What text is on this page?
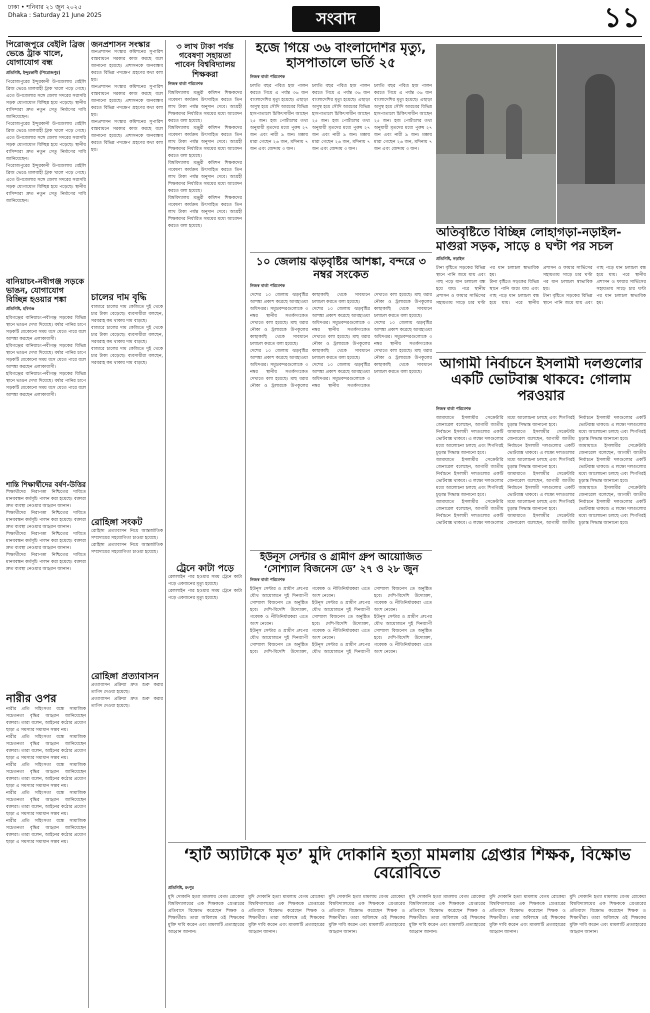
ঢাকা • শনিবার ২১ জুন ২০২৫
Dhaka : Saturday 21 June 2025	সংবাদ	১১

পিরোজপুরে বেইলি ব্রিজ ভেঙে ট্রাক খালে, যোগাযোগ বন্ধ

প্রতিনিধি, ইন্দুরকানী (পিরোজপুর)

পিরোজপুরের ইন্দুরকানী উপজেলায় বেইলি ব্রিজ ভেঙে মালবাহী ট্রাক খালে পড়ে গেছে। এতে উপজেলার সঙ্গে জেলা সদরের সরাসরি সড়ক যোগাযোগ বিচ্ছিন্ন হয়ে পড়েছে। স্থানীয় বাসিন্দারা দ্রুত নতুন সেতু নির্মাণের দাবি জানিয়েছেন।

পিরোজপুরের ইন্দুরকানী উপজেলায় বেইলি ব্রিজ ভেঙে মালবাহী ট্রাক খালে পড়ে গেছে। এতে উপজেলার সঙ্গে জেলা সদরের সরাসরি সড়ক যোগাযোগ বিচ্ছিন্ন হয়ে পড়েছে। স্থানীয় বাসিন্দারা দ্রুত নতুন সেতু নির্মাণের দাবি জানিয়েছেন।

পিরোজপুরের ইন্দুরকানী উপজেলায় বেইলি ব্রিজ ভেঙে মালবাহী ট্রাক খালে পড়ে গেছে। এতে উপজেলার সঙ্গে জেলা সদরের সরাসরি সড়ক যোগাযোগ বিচ্ছিন্ন হয়ে পড়েছে। স্থানীয় বাসিন্দারা দ্রুত নতুন সেতু নির্মাণের দাবি জানিয়েছেন।

বানিয়াচং-নবীগঞ্জ সড়কে ভাঙন, যোগাযোগ বিচ্ছিন্ন হওয়ার শঙ্কা

প্রতিনিধি, হবিগঞ্জ

হবিগঞ্জের বানিয়াচং-নবীগঞ্জ সড়কের বিভিন্ন স্থানে ভাঙন দেখা দিয়েছে। বর্ষার পানির চাপে সড়কটি যেকোনো সময় ধসে যেতে পারে বলে আশঙ্কা করছেন এলাকাবাসী।

হবিগঞ্জের বানিয়াচং-নবীগঞ্জ সড়কের বিভিন্ন স্থানে ভাঙন দেখা দিয়েছে। বর্ষার পানির চাপে সড়কটি যেকোনো সময় ধসে যেতে পারে বলে আশঙ্কা করছেন এলাকাবাসী।

হবিগঞ্জের বানিয়াচং-নবীগঞ্জ সড়কের বিভিন্ন স্থানে ভাঙন দেখা দিয়েছে। বর্ষার পানির চাপে সড়কটি যেকোনো সময় ধসে যেতে পারে বলে আশঙ্কা করছেন এলাকাবাসী।

শান্তি শিক্ষার্থীদের বর্ষণ-উত্তির

শিক্ষার্থীদের নিরাপত্তা নিশ্চিতের দাবিতে মানববন্ধন কর্মসূচি পালন করা হয়েছে। বক্তারা দ্রুত ব্যবস্থা নেওয়ার আহ্বান জানান।

শিক্ষার্থীদের নিরাপত্তা নিশ্চিতের দাবিতে মানববন্ধন কর্মসূচি পালন করা হয়েছে। বক্তারা দ্রুত ব্যবস্থা নেওয়ার আহ্বান জানান।

শিক্ষার্থীদের নিরাপত্তা নিশ্চিতের দাবিতে মানববন্ধন কর্মসূচি পালন করা হয়েছে। বক্তারা দ্রুত ব্যবস্থা নেওয়ার আহ্বান জানান।

শিক্ষার্থীদের নিরাপত্তা নিশ্চিতের দাবিতে মানববন্ধন কর্মসূচি পালন করা হয়েছে। বক্তারা দ্রুত ব্যবস্থা নেওয়ার আহ্বান জানান।

নারীর ওপর

নারীর প্রতি সহিংসতা বন্ধে সামাজিক সচেতনতা বৃদ্ধির আহ্বান জানিয়েছেন বক্তারা। তারা বলেন, আইনের কঠোর প্রয়োগ ছাড়া এ সমস্যার সমাধান সম্ভব নয়।

নারীর প্রতি সহিংসতা বন্ধে সামাজিক সচেতনতা বৃদ্ধির আহ্বান জানিয়েছেন বক্তারা। তারা বলেন, আইনের কঠোর প্রয়োগ ছাড়া এ সমস্যার সমাধান সম্ভব নয়।

নারীর প্রতি সহিংসতা বন্ধে সামাজিক সচেতনতা বৃদ্ধির আহ্বান জানিয়েছেন বক্তারা। তারা বলেন, আইনের কঠোর প্রয়োগ ছাড়া এ সমস্যার সমাধান সম্ভব নয়।

নারীর প্রতি সহিংসতা বন্ধে সামাজিক সচেতনতা বৃদ্ধির আহ্বান জানিয়েছেন বক্তারা। তারা বলেন, আইনের কঠোর প্রয়োগ ছাড়া এ সমস্যার সমাধান সম্ভব নয়।

নারীর প্রতি সহিংসতা বন্ধে সামাজিক সচেতনতা বৃদ্ধির আহ্বান জানিয়েছেন বক্তারা। তারা বলেন, আইনের কঠোর প্রয়োগ ছাড়া এ সমস্যার সমাধান সম্ভব নয়।

জনপ্রশাসন সংস্কার

জনপ্রশাসন সংস্কার কমিশনের সুপারিশ বাস্তবায়নে সরকার কাজ করছে বলে জানানো হয়েছে। প্রশাসনকে জনবান্ধব করতে বিভিন্ন পদক্ষেপ গ্রহণের কথা বলা হয়।

জনপ্রশাসন সংস্কার কমিশনের সুপারিশ বাস্তবায়নে সরকার কাজ করছে বলে জানানো হয়েছে। প্রশাসনকে জনবান্ধব করতে বিভিন্ন পদক্ষেপ গ্রহণের কথা বলা হয়।

জনপ্রশাসন সংস্কার কমিশনের সুপারিশ বাস্তবায়নে সরকার কাজ করছে বলে জানানো হয়েছে। প্রশাসনকে জনবান্ধব করতে বিভিন্ন পদক্ষেপ গ্রহণের কথা বলা হয়।

চালের দাম বৃদ্ধি

বাজারে চালের দাম কেজিতে দুই থেকে চার টাকা বেড়েছে। ব্যবসায়ীরা বলছেন, সরবরাহ কম থাকায় দাম বাড়ছে।

বাজারে চালের দাম কেজিতে দুই থেকে চার টাকা বেড়েছে। ব্যবসায়ীরা বলছেন, সরবরাহ কম থাকায় দাম বাড়ছে।

বাজারে চালের দাম কেজিতে দুই থেকে চার টাকা বেড়েছে। ব্যবসায়ীরা বলছেন, সরবরাহ কম থাকায় দাম বাড়ছে।

রোহিঙ্গা সংকট

রোহিঙ্গা প্রত্যাবাসন নিয়ে আন্তর্জাতিক সম্প্রদায়ের সহযোগিতা চাওয়া হয়েছে।

রোহিঙ্গা প্রত্যাবাসন নিয়ে আন্তর্জাতিক সম্প্রদায়ের সহযোগিতা চাওয়া হয়েছে।

রোহিঙ্গা প্রত্যাবাসন

প্রত্যাবাসন প্রক্রিয়া দ্রুত শুরু করার তাগিদ দেওয়া হয়েছে।

প্রত্যাবাসন প্রক্রিয়া দ্রুত শুরু করার তাগিদ দেওয়া হয়েছে।

৩ লাখ টাকা পর্যন্ত গবেষণা সহায়তা পাবেন বিশ্ববিদ্যালয় শিক্ষকরা

নিজস্ব বার্তা পরিবেশক

বিশ্ববিদ্যালয় মঞ্জুরী কমিশন শিক্ষকদের গবেষণা কার্যক্রম উৎসাহিত করতে তিন লাখ টাকা পর্যন্ত অনুদান দেবে। আগ্রহী শিক্ষকদের নির্ধারিত সময়ের মধ্যে আবেদন করতে বলা হয়েছে।

বিশ্ববিদ্যালয় মঞ্জুরী কমিশন শিক্ষকদের গবেষণা কার্যক্রম উৎসাহিত করতে তিন লাখ টাকা পর্যন্ত অনুদান দেবে। আগ্রহী শিক্ষকদের নির্ধারিত সময়ের মধ্যে আবেদন করতে বলা হয়েছে।

বিশ্ববিদ্যালয় মঞ্জুরী কমিশন শিক্ষকদের গবেষণা কার্যক্রম উৎসাহিত করতে তিন লাখ টাকা পর্যন্ত অনুদান দেবে। আগ্রহী শিক্ষকদের নির্ধারিত সময়ের মধ্যে আবেদন করতে বলা হয়েছে।

বিশ্ববিদ্যালয় মঞ্জুরী কমিশন শিক্ষকদের গবেষণা কার্যক্রম উৎসাহিত করতে তিন লাখ টাকা পর্যন্ত অনুদান দেবে। আগ্রহী শিক্ষকদের নির্ধারিত সময়ের মধ্যে আবেদন করতে বলা হয়েছে।

ট্রেনে কাটা পড়ে

রেললাইন পার হওয়ার সময় ট্রেনে কাটা পড়ে একজনের মৃত্যু হয়েছে।

রেললাইন পার হওয়ার সময় ট্রেনে কাটা পড়ে একজনের মৃত্যু হয়েছে।

হজে গিয়ে ৩৬ বাংলাদেশির মৃত্যু, হাসপাতালে ভর্তি ২৫

নিজস্ব বার্তা পরিবেশক

চলতি বছর পবিত্র হজ পালন করতে গিয়ে এ পর্যন্ত ৩৬ জন বাংলাদেশির মৃত্যু হয়েছে। এছাড়া অসুস্থ হয়ে সৌদি আরবের বিভিন্ন হাসপাতালে চিকিৎসাধীন আছেন ২৫ জন। হজ পোর্টালের তথ্য অনুযায়ী মৃতদের মধ্যে পুরুষ ২৭ জন এবং নারী ৯ জন। মক্কায় মারা গেছেন ২৬ জন, মদিনায় ৭ জন এবং জেদ্দায় ৩ জন।

চলতি বছর পবিত্র হজ পালন করতে গিয়ে এ পর্যন্ত ৩৬ জন বাংলাদেশির মৃত্যু হয়েছে। এছাড়া অসুস্থ হয়ে সৌদি আরবের বিভিন্ন হাসপাতালে চিকিৎসাধীন আছেন ২৫ জন। হজ পোর্টালের তথ্য অনুযায়ী মৃতদের মধ্যে পুরুষ ২৭ জন এবং নারী ৯ জন। মক্কায় মারা গেছেন ২৬ জন, মদিনায় ৭ জন এবং জেদ্দায় ৩ জন।

চলতি বছর পবিত্র হজ পালন করতে গিয়ে এ পর্যন্ত ৩৬ জন বাংলাদেশির মৃত্যু হয়েছে। এছাড়া অসুস্থ হয়ে সৌদি আরবের বিভিন্ন হাসপাতালে চিকিৎসাধীন আছেন ২৫ জন। হজ পোর্টালের তথ্য অনুযায়ী মৃতদের মধ্যে পুরুষ ২৭ জন এবং নারী ৯ জন। মক্কায় মারা গেছেন ২৬ জন, মদিনায় ৭ জন এবং জেদ্দায় ৩ জন।

অতিবৃষ্টিতে বিচ্ছিন্ন লোহাগড়া-নড়াইল-মাগুরা সড়ক, সাড়ে ৪ ঘণ্টা পর সচল

প্রতিনিধি, নড়াইল

টানা বৃষ্টিতে সড়কের বিভিন্ন স্থানে পানি জমে যায় এবং গাছ পড়ে যান চলাচল বন্ধ হয়ে যায়। পরে স্থানীয় প্রশাসন ও ফায়ার সার্ভিসের সহায়তায় সাড়ে চার ঘণ্টা পর যান চলাচল স্বাভাবিক হয়।

টানা বৃষ্টিতে সড়কের বিভিন্ন স্থানে পানি জমে যায় এবং গাছ পড়ে যান চলাচল বন্ধ হয়ে যায়। পরে স্থানীয় প্রশাসন ও ফায়ার সার্ভিসের সহায়তায় সাড়ে চার ঘণ্টা পর যান চলাচল স্বাভাবিক হয়।

টানা বৃষ্টিতে সড়কের বিভিন্ন স্থানে পানি জমে যায় এবং গাছ পড়ে যান চলাচল বন্ধ হয়ে যায়। পরে স্থানীয় প্রশাসন ও ফায়ার সার্ভিসের সহায়তায় সাড়ে চার ঘণ্টা পর যান চলাচল স্বাভাবিক হয়।

১০ জেলায় ঝড়বৃষ্টির আশঙ্কা, বন্দরে ৩ নম্বর সংকেত

নিজস্ব বার্তা পরিবেশক

দেশের ১০ জেলায় ঝড়বৃষ্টির আশঙ্কা প্রকাশ করেছে আবহাওয়া অধিদপ্তর। সমুদ্রবন্দরগুলোকে ৩ নম্বর স্থানীয় সতর্কসংকেত দেখাতে বলা হয়েছে। মাছ ধরার নৌকা ও ট্রলারকে উপকূলের কাছাকাছি থেকে সাবধানে চলাচল করতে বলা হয়েছে।

দেশের ১০ জেলায় ঝড়বৃষ্টির আশঙ্কা প্রকাশ করেছে আবহাওয়া অধিদপ্তর। সমুদ্রবন্দরগুলোকে ৩ নম্বর স্থানীয় সতর্কসংকেত দেখাতে বলা হয়েছে। মাছ ধরার নৌকা ও ট্রলারকে উপকূলের কাছাকাছি থেকে সাবধানে চলাচল করতে বলা হয়েছে।

দেশের ১০ জেলায় ঝড়বৃষ্টির আশঙ্কা প্রকাশ করেছে আবহাওয়া অধিদপ্তর। সমুদ্রবন্দরগুলোকে ৩ নম্বর স্থানীয় সতর্কসংকেত দেখাতে বলা হয়েছে। মাছ ধরার নৌকা ও ট্রলারকে উপকূলের কাছাকাছি থেকে সাবধানে চলাচল করতে বলা হয়েছে।

দেশের ১০ জেলায় ঝড়বৃষ্টির আশঙ্কা প্রকাশ করেছে আবহাওয়া অধিদপ্তর। সমুদ্রবন্দরগুলোকে ৩ নম্বর স্থানীয় সতর্কসংকেত দেখাতে বলা হয়েছে। মাছ ধরার নৌকা ও ট্রলারকে উপকূলের কাছাকাছি থেকে সাবধানে চলাচল করতে বলা হয়েছে।

দেশের ১০ জেলায় ঝড়বৃষ্টির আশঙ্কা প্রকাশ করেছে আবহাওয়া অধিদপ্তর। সমুদ্রবন্দরগুলোকে ৩ নম্বর স্থানীয় সতর্কসংকেত দেখাতে বলা হয়েছে। মাছ ধরার নৌকা ও ট্রলারকে উপকূলের কাছাকাছি থেকে সাবধানে চলাচল করতে বলা হয়েছে।

আগামী নির্বাচনে ইসলামী দলগুলোর একটি ভোটবাক্স থাকবে: গোলাম পরওয়ার

নিজস্ব বার্তা পরিবেশক

জামায়াতে ইসলামীর সেক্রেটারি জেনারেল বলেছেন, আগামী জাতীয় নির্বাচনে ইসলামী দলগুলোর একটি ভোটবাক্স থাকবে। এ লক্ষ্যে দলগুলোর মধ্যে আলোচনা চলছে এবং শিগগিরই চূড়ান্ত সিদ্ধান্ত জানানো হবে।

জামায়াতে ইসলামীর সেক্রেটারি জেনারেল বলেছেন, আগামী জাতীয় নির্বাচনে ইসলামী দলগুলোর একটি ভোটবাক্স থাকবে। এ লক্ষ্যে দলগুলোর মধ্যে আলোচনা চলছে এবং শিগগিরই চূড়ান্ত সিদ্ধান্ত জানানো হবে।

জামায়াতে ইসলামীর সেক্রেটারি জেনারেল বলেছেন, আগামী জাতীয় নির্বাচনে ইসলামী দলগুলোর একটি ভোটবাক্স থাকবে। এ লক্ষ্যে দলগুলোর মধ্যে আলোচনা চলছে এবং শিগগিরই চূড়ান্ত সিদ্ধান্ত জানানো হবে।

জামায়াতে ইসলামীর সেক্রেটারি জেনারেল বলেছেন, আগামী জাতীয় নির্বাচনে ইসলামী দলগুলোর একটি ভোটবাক্স থাকবে। এ লক্ষ্যে দলগুলোর মধ্যে আলোচনা চলছে এবং শিগগিরই চূড়ান্ত সিদ্ধান্ত জানানো হবে।

জামায়াতে ইসলামীর সেক্রেটারি জেনারেল বলেছেন, আগামী জাতীয় নির্বাচনে ইসলামী দলগুলোর একটি ভোটবাক্স থাকবে। এ লক্ষ্যে দলগুলোর মধ্যে আলোচনা চলছে এবং শিগগিরই চূড়ান্ত সিদ্ধান্ত জানানো হবে।

জামায়াতে ইসলামীর সেক্রেটারি জেনারেল বলেছেন, আগামী জাতীয় নির্বাচনে ইসলামী দলগুলোর একটি ভোটবাক্স থাকবে। এ লক্ষ্যে দলগুলোর মধ্যে আলোচনা চলছে এবং শিগগিরই চূড়ান্ত সিদ্ধান্ত জানানো হবে।

জামায়াতে ইসলামীর সেক্রেটারি জেনারেল বলেছেন, আগামী জাতীয় নির্বাচনে ইসলামী দলগুলোর একটি ভোটবাক্স থাকবে। এ লক্ষ্যে দলগুলোর মধ্যে আলোচনা চলছে এবং শিগগিরই চূড়ান্ত সিদ্ধান্ত জানানো হবে।

জামায়াতে ইসলামীর সেক্রেটারি জেনারেল বলেছেন, আগামী জাতীয় নির্বাচনে ইসলামী দলগুলোর একটি ভোটবাক্স থাকবে। এ লক্ষ্যে দলগুলোর মধ্যে আলোচনা চলছে এবং শিগগিরই চূড়ান্ত সিদ্ধান্ত জানানো হবে।

ইউনূস সেন্টার ও গ্রামীণ গ্রুপ আয়োজিত ‘সোশ্যাল বিজনেস ডে’ ২৭ ও ২৮ জুন

নিজস্ব বার্তা পরিবেশক

ইউনূস সেন্টার ও গ্রামীণ গ্রুপের যৌথ আয়োজনে দুই দিনব্যাপী সোশ্যাল বিজনেস ডে অনুষ্ঠিত হবে। দেশি-বিদেশি উদ্যোক্তা, গবেষক ও নীতিনির্ধারকরা এতে অংশ নেবেন।

ইউনূস সেন্টার ও গ্রামীণ গ্রুপের যৌথ আয়োজনে দুই দিনব্যাপী সোশ্যাল বিজনেস ডে অনুষ্ঠিত হবে। দেশি-বিদেশি উদ্যোক্তা, গবেষক ও নীতিনির্ধারকরা এতে অংশ নেবেন।

ইউনূস সেন্টার ও গ্রামীণ গ্রুপের যৌথ আয়োজনে দুই দিনব্যাপী সোশ্যাল বিজনেস ডে অনুষ্ঠিত হবে। দেশি-বিদেশি উদ্যোক্তা, গবেষক ও নীতিনির্ধারকরা এতে অংশ নেবেন।

ইউনূস সেন্টার ও গ্রামীণ গ্রুপের যৌথ আয়োজনে দুই দিনব্যাপী সোশ্যাল বিজনেস ডে অনুষ্ঠিত হবে। দেশি-বিদেশি উদ্যোক্তা, গবেষক ও নীতিনির্ধারকরা এতে অংশ নেবেন।

ইউনূস সেন্টার ও গ্রামীণ গ্রুপের যৌথ আয়োজনে দুই দিনব্যাপী সোশ্যাল বিজনেস ডে অনুষ্ঠিত হবে। দেশি-বিদেশি উদ্যোক্তা, গবেষক ও নীতিনির্ধারকরা এতে অংশ নেবেন।

‘হার্ট অ্যাটাকে মৃত’ মুদি দোকানি হত্যা মামলায় গ্রেপ্তার শিক্ষক, বিক্ষোভ বেরোবিতে

প্রতিনিধি, রংপুর

মুদি দোকানি হত্যা মামলায় বেগম রোকেয়া বিশ্ববিদ্যালয়ের এক শিক্ষককে গ্রেপ্তারের প্রতিবাদে বিক্ষোভ করেছেন শিক্ষক ও শিক্ষার্থীরা। তারা অবিলম্বে ওই শিক্ষকের মুক্তি দাবি করেন এবং মামলাটি প্রত্যাহারের আহ্বান জানান।

মুদি দোকানি হত্যা মামলায় বেগম রোকেয়া বিশ্ববিদ্যালয়ের এক শিক্ষককে গ্রেপ্তারের প্রতিবাদে বিক্ষোভ করেছেন শিক্ষক ও শিক্ষার্থীরা। তারা অবিলম্বে ওই শিক্ষকের মুক্তি দাবি করেন এবং মামলাটি প্রত্যাহারের আহ্বান জানান।

মুদি দোকানি হত্যা মামলায় বেগম রোকেয়া বিশ্ববিদ্যালয়ের এক শিক্ষককে গ্রেপ্তারের প্রতিবাদে বিক্ষোভ করেছেন শিক্ষক ও শিক্ষার্থীরা। তারা অবিলম্বে ওই শিক্ষকের মুক্তি দাবি করেন এবং মামলাটি প্রত্যাহারের আহ্বান জানান।

মুদি দোকানি হত্যা মামলায় বেগম রোকেয়া বিশ্ববিদ্যালয়ের এক শিক্ষককে গ্রেপ্তারের প্রতিবাদে বিক্ষোভ করেছেন শিক্ষক ও শিক্ষার্থীরা। তারা অবিলম্বে ওই শিক্ষকের মুক্তি দাবি করেন এবং মামলাটি প্রত্যাহারের আহ্বান জানান।

মুদি দোকানি হত্যা মামলায় বেগম রোকেয়া বিশ্ববিদ্যালয়ের এক শিক্ষককে গ্রেপ্তারের প্রতিবাদে বিক্ষোভ করেছেন শিক্ষক ও শিক্ষার্থীরা। তারা অবিলম্বে ওই শিক্ষকের মুক্তি দাবি করেন এবং মামলাটি প্রত্যাহারের আহ্বান জানান।

মুদি দোকানি হত্যা মামলায় বেগম রোকেয়া বিশ্ববিদ্যালয়ের এক শিক্ষককে গ্রেপ্তারের প্রতিবাদে বিক্ষোভ করেছেন শিক্ষক ও শিক্ষার্থীরা। তারা অবিলম্বে ওই শিক্ষকের মুক্তি দাবি করেন এবং মামলাটি প্রত্যাহারের আহ্বান জানান।
